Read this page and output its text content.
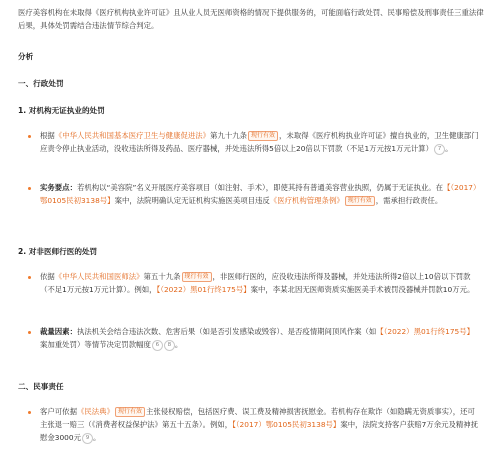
医疗美容机构在未取得《医疗机构执业许可证》且从业人员无医师资格的情况下提供服务的，可能面临行政处罚、民事赔偿及刑事责任三重法律后果，具体处罚需结合违法情节综合判定。

分析
一、行政处罚
1. 对机构无证执业的处罚

根据 《 中华人民共和国基本医疗卫生与健康促进法 》 第九十九条 现行有效 ，未取得《医疗机构执业许可证》擅自执业的，卫生健康部门应责令停止执业活动，没收违法所得及药品、医疗器械，并处违法所得5倍以上20倍以下罚款（不足1万元按1万元计算） 7 。

实务要点：若机构以“美容院”名义开展医疗美容项目（如注射、手术），即使其持有普通美容营业执照，仍属于无证执业。在【（2017）鄂0105民初3138号】案中，法院明确认定无证机构实施医美项目违反 《 医疗机构管理条例 》 现行有效 ，需承担行政责任。

2. 对非医师行医的处罚

依据 《 中华人民共和国医师法 》 第五十九条 现行有效 ，非医师行医的，应没收违法所得及器械，并处违法所得2倍以上10倍以下罚款（不足1万元按1万元计算）。例如，【（2022）黑01行终175号】案中，李某北因无医师资质实施医美手术被罚没器械并罚款10万元。

裁量因素：执法机关会结合违法次数、危害后果（如是否引发感染或毁容）、是否疫情期间顶风作案（如【（2022）黑01行终175号】案加重处罚）等情节决定罚款幅度 6 8 。

二、民事责任

客户可依据 《 民法典 》 现行有效 主张侵权赔偿，包括医疗费、误工费及精神损害抚慰金。若机构存在欺诈（如隐瞒无资质事实），还可主张退一赔三（《消费者权益保护法》第五十五条）。例如，【（2017）鄂0105民初3138号】案中，法院支持客户获赔7万余元及精神抚慰金3000元 9 。
